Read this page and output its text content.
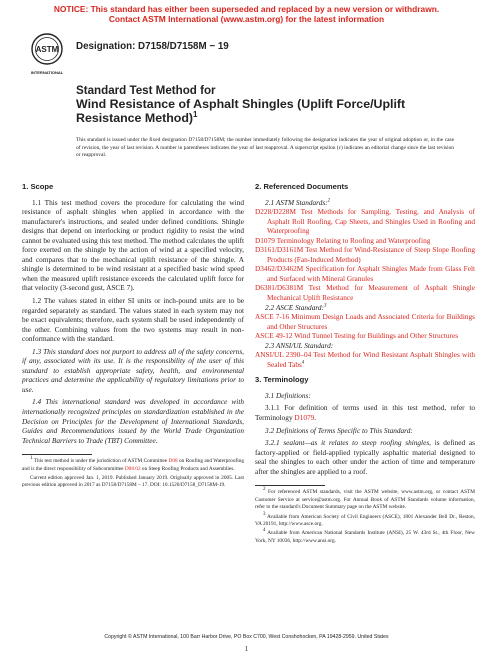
NOTICE: This standard has either been superseded and replaced by a new version or withdrawn.
Contact ASTM International (www.astm.org) for the latest information
ASTM
INTERNATIONAL
Designation: D7158/D7158M − 19
Standard Test Method for
Wind Resistance of Asphalt Shingles (Uplift Force/Uplift Resistance Method)$^1$
This standard is issued under the fixed designation D7158/D7158M; the number immediately following the designation indicates the year of original adoption or, in the case of revision, the year of last revision. A number in parentheses indicates the year of last reapproval. A superscript epsilon (ε) indicates an editorial change since the last revision or reapproval.
1. Scope

1.1 This test method covers the procedure for calculating the wind resistance of asphalt shingles when applied in accordance with the manufacturer's instructions, and sealed under defined conditions. Shingle designs that depend on interlocking or product rigidity to resist the wind cannot be evaluated using this test method. The method calculates the uplift force exerted on the shingle by the action of wind at a specified velocity, and compares that to the mechanical uplift resistance of the shingle. A shingle is determined to be wind resistant at a specified basic wind speed when the measured uplift resistance exceeds the calculated uplift force for that velocity (3-second gust, ASCE 7).

1.2 The values stated in either SI units or inch-pound units are to be regarded separately as standard. The values stated in each system may not be exact equivalents; therefore, each system shall be used independently of the other. Combining values from the two systems may result in non-conformance with the standard.

1.3 This standard does not purport to address all of the safety concerns, if any, associated with its use. It is the responsibility of the user of this standard to establish appropriate safety, health, and environmental practices and determine the applicability of regulatory limitations prior to use.

1.4 This international standard was developed in accordance with internationally recognized principles on standardization established in the Decision on Principles for the Development of International Standards, Guides and Recommendations issued by the World Trade Organization Technical Barriers to Trade (TBT) Committee.

$^1$ This test method is under the jurisdiction of ASTM Committee D08 on Roofing and Waterproofing and is the direct responsibility of Subcommittee D08.02 on Steep Roofing Products and Assemblies.

Current edition approved Jan. 1, 2019. Published January 2019. Originally approved in 2005. Last previous edition approved in 2017 as D7158/D7158M – 17. DOI: 10.1520/D7158_D7158M-19.

2. Referenced Documents
2.1 ASTM Standards:$^2$
D228/D228M Test Methods for Sampling, Testing, and Analysis of Asphalt Roll Roofing, Cap Sheets, and Shingles Used in Roofing and Waterproofing
D1079 Terminology Relating to Roofing and Waterproofing
D3161/D3161M Test Method for Wind-Resistance of Steep Slope Roofing Products (Fan-Induced Method)
D3462/D3462M Specification for Asphalt Shingles Made from Glass Felt and Surfaced with Mineral Granules
D6381/D6381M Test Method for Measurement of Asphalt Shingle Mechanical Uplift Resistance
2.2 ASCE Standard:$^3$
ASCE 7-16 Minimum Design Loads and Associated Criteria for Buildings and Other Structures
ASCE 49-12 Wind Tunnel Testing for Buildings and Other Structures
2.3 ANSI/UL Standard:
ANSI/UL 2390–04 Test Method for Wind Resistant Asphalt Shingles with Sealed Tabs$^4$
3. Terminology

3.1 Definitions:

3.1.1 For definition of terms used in this test method, refer to Terminology D1079.

3.2 Definitions of Terms Specific to This Standard:

3.2.1 sealant—as it relates to steep roofing shingles, is defined as factory-applied or field-applied typically asphaltic material designed to seal the shingles to each other under the action of time and temperature after the shingles are applied to a roof.

$^2$ For referenced ASTM standards, visit the ASTM website, www.astm.org, or contact ASTM Customer Service at service@astm.org. For Annual Book of ASTM Standards volume information, refer to the standard's Document Summary page on the ASTM website.

$^3$ Available from American Society of Civil Engineers (ASCE), 1801 Alexander Bell Dr., Reston, VA 20191, http://www.asce.org.

$^4$ Available from American National Standards Institute (ANSI), 25 W. 43rd St., 4th Floor, New York, NY 10036, http://www.ansi.org.

Copyright © ASTM International, 100 Barr Harbor Drive, PO Box C700, West Conshohocken, PA 19428-2959. United States
1
